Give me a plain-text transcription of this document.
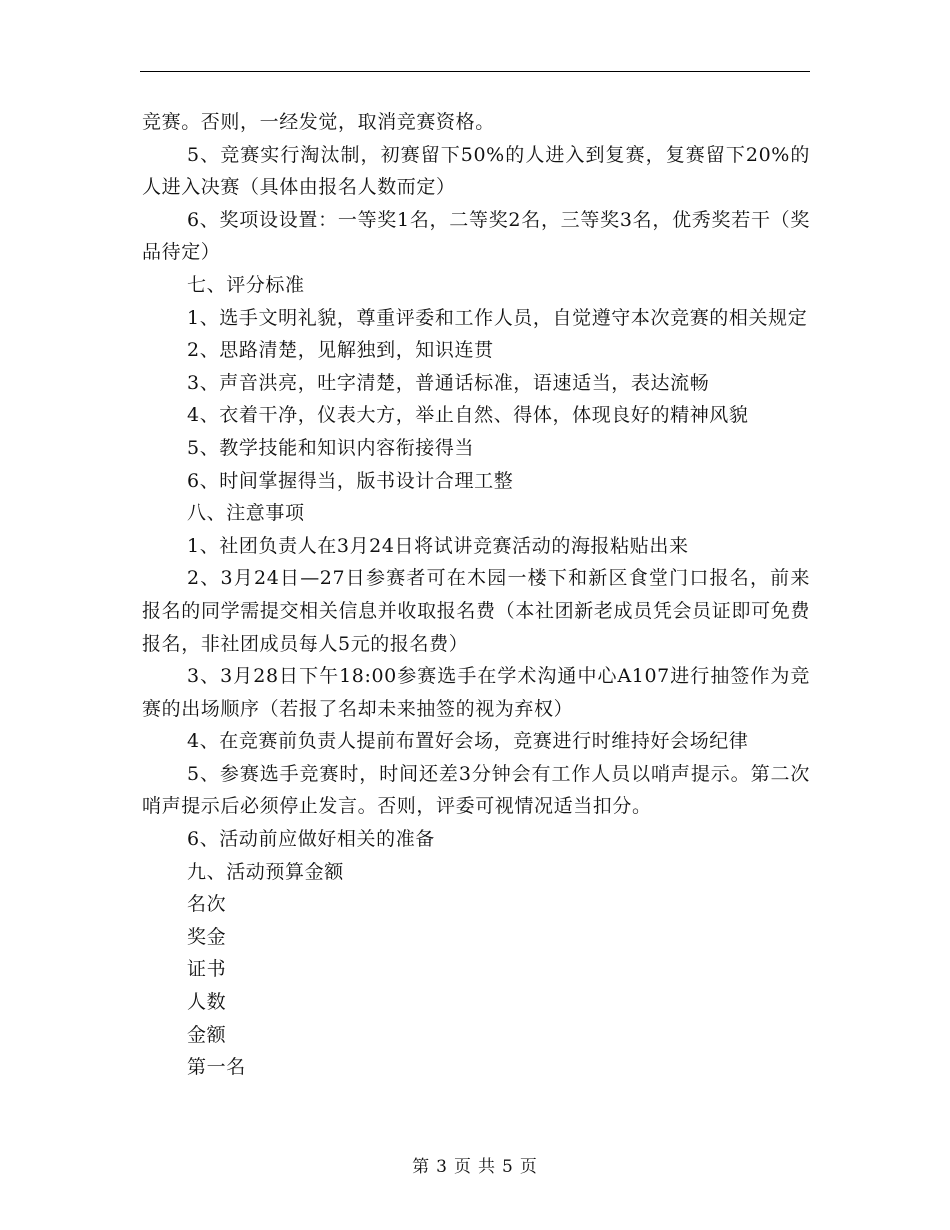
竞赛。否则，一经发觉，取消竞赛资格。

5、竞赛实行淘汰制，初赛留下50%的人进入到复赛，复赛留下20%的人进入决赛（具体由报名人数而定）

6、奖项设设置：一等奖1名，二等奖2名，三等奖3名，优秀奖若干（奖品待定）

七、评分标准

1、选手文明礼貌，尊重评委和工作人员，自觉遵守本次竞赛的相关规定

2、思路清楚，见解独到，知识连贯

3、声音洪亮，吐字清楚，普通话标准，语速适当，表达流畅

4、衣着干净，仪表大方，举止自然、得体，体现良好的精神风貌

5、教学技能和知识内容衔接得当

6、时间掌握得当，版书设计合理工整

八、注意事项

1、社团负责人在3月24日将试讲竞赛活动的海报粘贴出来

2、3月24日—27日参赛者可在木园一楼下和新区食堂门口报名，前来报名的同学需提交相关信息并收取报名费（本社团新老成员凭会员证即可免费报名，非社团成员每人5元的报名费）

3、3月28日下午18:00参赛选手在学术沟通中心A107进行抽签作为竞赛的出场顺序（若报了名却未来抽签的视为弃权）

4、在竞赛前负责人提前布置好会场，竞赛进行时维持好会场纪律

5、参赛选手竞赛时，时间还差3分钟会有工作人员以哨声提示。第二次哨声提示后必须停止发言。否则，评委可视情况适当扣分。

6、活动前应做好相关的准备

九、活动预算金额

名次

奖金

证书

人数

金额

第一名

第 3 页 共 5 页
